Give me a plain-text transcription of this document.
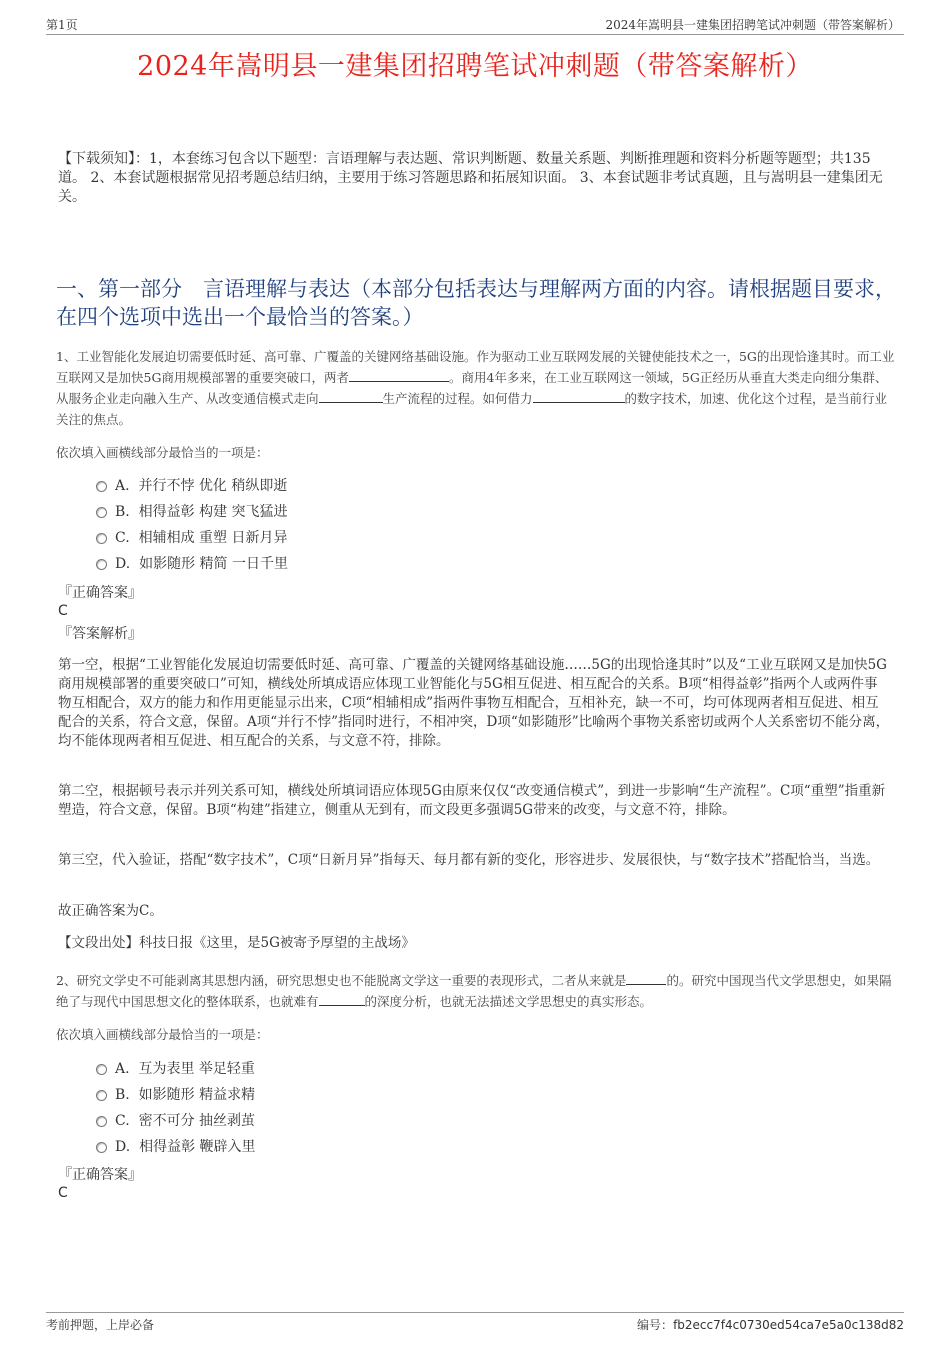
第1页	2024年嵩明县一建集团招聘笔试冲刺题（带答案解析）
2024年嵩明县一建集团招聘笔试冲刺题（带答案解析）
【下载须知】：1，本套练习包含以下题型：言语理解与表达题、常识判断题、数量关系题、判断推理题和资料分析题等题型；共135道。 2、本套试题根据常见招考题总结归纳，主要用于练习答题思路和拓展知识面。 3、本套试题非考试真题，且与嵩明县一建集团无关。
一、第一部分　言语理解与表达（本部分包括表达与理解两方面的内容。请根据题目要求，在四个选项中选出一个最恰当的答案。）
1、工业智能化发展迫切需要低时延、高可靠、广覆盖的关键网络基础设施。作为驱动工业互联网发展的关键使能技术之一，5G的出现恰逢其时。而工业互联网又是加快5G商用规模部署的重要突破口，两者	。商用4年多来，在工业互联网这一领域，5G正经历从垂直大类走向细分集群、从服务企业走向融入生产、从改变通信模式走向	生产流程的过程。如何借力	的数字技术，加速、优化这个过程，是当前行业关注的焦点。
依次填入画横线部分最恰当的一项是：
A. 并行不悖 优化 稍纵即逝
B. 相得益彰 构建 突飞猛进
C. 相辅相成 重塑 日新月异
D. 如影随形 精简 一日千里
『正确答案』
C
『答案解析』
第一空，根据“工业智能化发展迫切需要低时延、高可靠、广覆盖的关键网络基础设施……5G的出现恰逢其时”以及“工业互联网又是加快5G商用规模部署的重要突破口”可知，横线处所填成语应体现工业智能化与5G相互促进、相互配合的关系。B项“相得益彰”指两个人或两件事物互相配合，双方的能力和作用更能显示出来，C项“相辅相成”指两件事物互相配合，互相补充，缺一不可，均可体现两者相互促进、相互配合的关系，符合文意，保留。A项“并行不悖”指同时进行，不相冲突，D项“如影随形”比喻两个事物关系密切或两个人关系密切不能分离，均不能体现两者相互促进、相互配合的关系，与文意不符，排除。
第二空，根据顿号表示并列关系可知，横线处所填词语应体现5G由原来仅仅“改变通信模式”，到进一步影响“生产流程”。C项“重塑”指重新塑造，符合文意，保留。B项“构建”指建立，侧重从无到有，而文段更多强调5G带来的改变，与文意不符，排除。
第三空，代入验证，搭配“数字技术”，C项“日新月异”指每天、每月都有新的变化，形容进步、发展很快，与“数字技术”搭配恰当，当选。
故正确答案为C。
【文段出处】科技日报《这里，是5G被寄予厚望的主战场》
2、研究文学史不可能剥离其思想内涵，研究思想史也不能脱离文学这一重要的表现形式，二者从来就是	的。研究中国现当代文学思想史，如果隔绝了与现代中国思想文化的整体联系，也就难有	的深度分析，也就无法描述文学思想史的真实形态。
依次填入画横线部分最恰当的一项是：
A. 互为表里 举足轻重
B. 如影随形 精益求精
C. 密不可分 抽丝剥茧
D. 相得益彰 鞭辟入里
『正确答案』
C
考前押题，上岸必备	编号：fb2ecc7f4c0730ed54ca7e5a0c138d82
